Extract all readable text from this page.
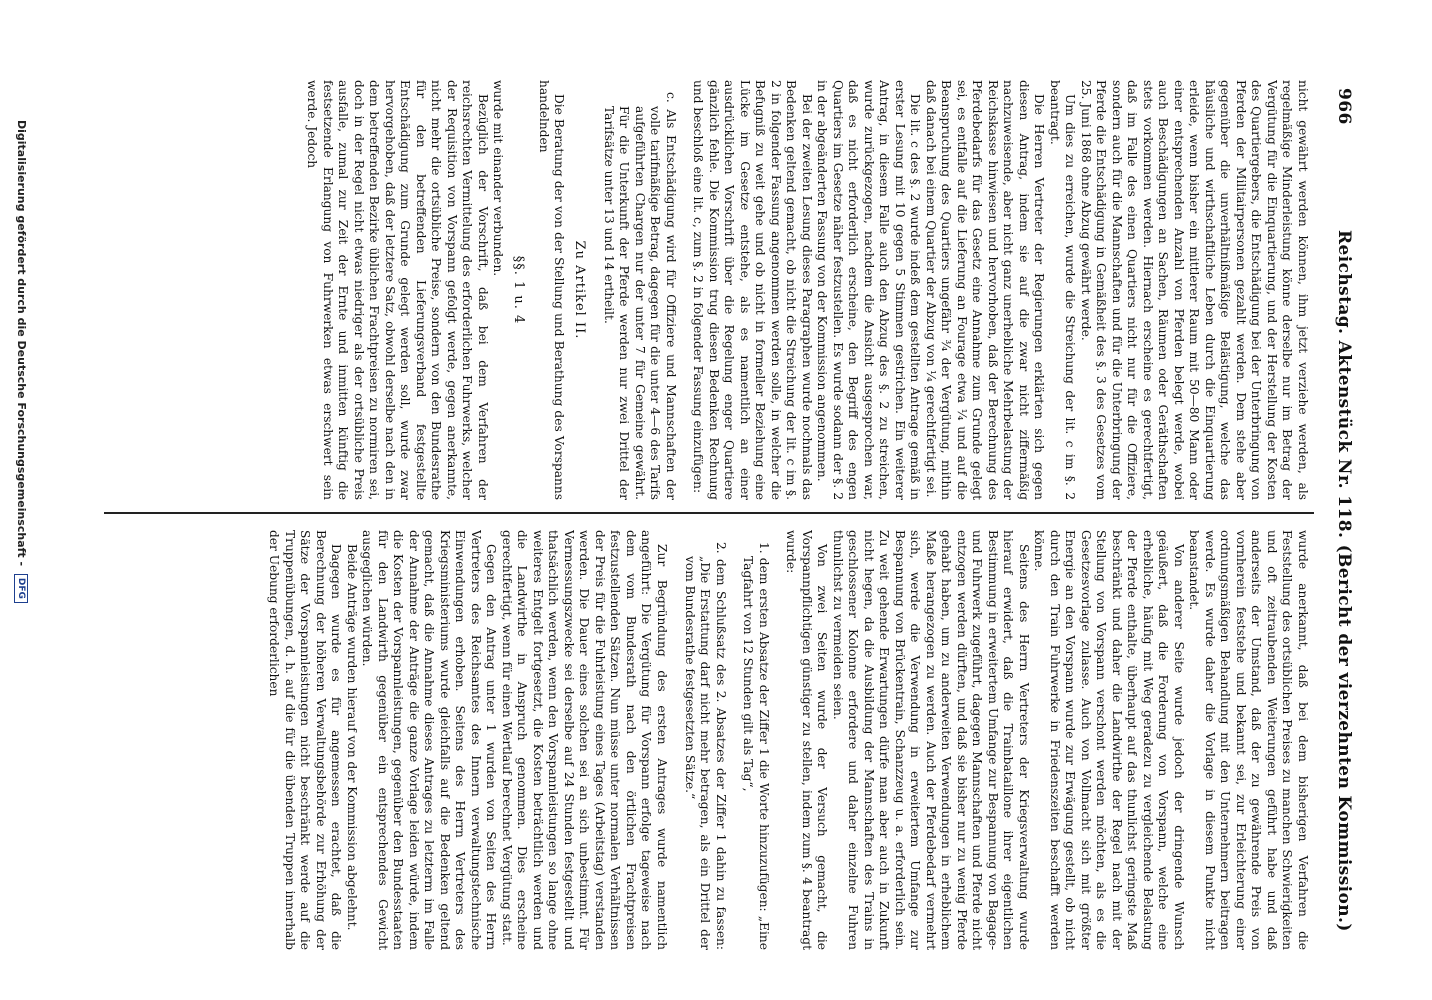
966
Reichstag. Aktenstück Nr. 118. (Bericht der vierzehnten Kommission.)

nicht gewährt werden können, ihm jetzt verziehe werden, als regelmäßige Minderleistung könne derselbe nur im Betrag der Vergütung für die Einquartierung, und der Herstellung der Kosten des Quartiergebers, die Entschädigung bei der Unterbringung von Pferden der Militairpersonen gezahlt werden. Dem stehe aber gegenüber die unverhältnißmäßige Belästigung, welche das häusliche und wirthschaftliche Leben durch die Einquartierung erleide, wenn bisher ein mittlerer Raum mit 50—80 Mann oder einer entsprechenden Anzahl von Pferden belegt werde, wobei auch Beschädigungen an Sachen, Räumen oder Geräthschaften stets vorkommen werden. Hiernach erscheine es gerechtfertigt, daß im Falle des einen Quartiers nicht nur für die Offiziere, sondern auch für die Mannschaften und für die Unterbringung der Pferde die Entschädigung in Gemäßheit des §. 3 des Gesetzes vom 25. Juni 1868 ohne Abzug gewährt werde.

Um dies zu erreichen, wurde die Streichung der lit. c im §. 2 beantragt.

Die Herren Vertreter der Regierungen erklärten sich gegen diesen Antrag, indem sie auf die zwar nicht ziffermäßig nachzuweisende, aber nicht ganz unerhebliche Mehrbelastung der Reichskasse hinwiesen und hervorhoben, daß der Berechnung des Pferdebedarfs für das Gesetz eine Annahme zum Grunde gelegt sei, es entfalle auf die Lieferung an Fourage etwa ¼ und auf die Beanspruchung des Quartiers ungefähr ¾ der Vergütung, mithin daß danach bei einem Quartier der Abzug von ¼ gerechtfertigt sei.

Die lit. c des §. 2 wurde indeß dem gestellten Antrage gemäß in erster Lesung mit 10 gegen 5 Stimmen gestrichen. Ein weiterer Antrag, in diesem Falle auch den Abzug des §. 2 zu streichen, wurde zurückgezogen, nachdem die Ansicht ausgesprochen war, daß es nicht erforderlich erscheine, den Begriff des engen Quartiers im Gesetze näher festzustellen. Es wurde sodann der §. 2 in der abgeänderten Fassung von der Kommission angenommen.

Bei der zweiten Lesung dieses Paragraphen wurde nochmals das Bedenken geltend gemacht, ob nicht die Streichung der lit. c im §. 2 in folgender Fassung angenommen werden solle, in welcher die Befugniß zu weit gehe und ob nicht in formeller Beziehung eine Lücke im Gesetze entstehe, als es namentlich an einer ausdrücklichen Vorschrift über die Regelung enger Quartiere gänzlich fehle. Die Kommission trug diesen Bedenken Rechnung und beschloß eine lit. c, zum §. 2 in folgender Fassung einzufügen:

c. Als Entschädigung wird für Offiziere und Mannschaften der volle tarifmäßige Betrag, dagegen für die unter 4—6 des Tarifs aufgeführten Chargen nur der unter 7 für Gemeine gewährt. Für die Unterkunft der Pferde werden nur zwei Drittel der Tarifsätze unter 13 und 14 ertheilt.

Zu Artikel II.

Die Beratung der von der Stellung und Berathung des Vorspanns handelnden

§§. 1 u. 4

wurde mit einander verbunden.

Bezüglich der Vorschrift, daß bei dem Verfahren der reichsrechten Vermittelung des erforderlichen Fuhrwerks, welcher der Requisition von Vorspann gefolgt werde, gegen anerkannte, nicht mehr die ortsübliche Preise, sondern von den Bundesrathe für den betreffenden Lieferungsverband festgestellte Entschädigung zum Grunde gelegt werden soll, wurde zwar hervorgehoben, daß der letztere Satz, obwohl derselbe nach den in dem betreffenden Bezirke üblichen Frachtpreisen zu normiren sei, doch in der Regel nicht etwas niedriger als der ortsübliche Preis ausfalle, zumal zur Zeit der Ernte und inmitten künftig die festsetzende Erlangung von Fuhrwerken etwas erschwert sein werde. Jedoch

wurde anerkannt, daß bei dem bisherigen Verfahren die Feststellung des ortsüblichen Preises zu manchen Schwierigkeiten und oft zeitraubenden Weiterungen geführt habe und daß anderseits der Umstand, daß der zu gewährende Preis von vornherein feststehe und bekannt sei, zur Erleichterung einer ordnungsmäßigen Behandlung mit den Unternehmern beitragen werde. Es wurde daher die Vorlage in diesem Punkte nicht beanstandet.

Von anderer Seite wurde jedoch der dringende Wunsch geäußert, daß die Forderung von Vorspann, welche eine erhebliche, häufig mit Weg geradezu zu vergleichende Belastung der Pferde enthalte, überhaupt auf das thunlichst geringste Maß beschränkt und daher die Landwirthe der Regel nach mit der Stellung von Vorspann verschont werden möchten, als es die Gesetzesvorlage zulasse. Auch von Vollmacht sich mit größter Energie an den Vorspann wurde zur Erwägung gestellt, ob nicht durch den Train Fuhrwerke in Friedenszeiten beschafft werden könne.

Seitens des Herrn Vertreters der Kriegsverwaltung wurde hierauf erwidert, daß die Trainbataillone ihrer eigentlichen Bestimmung in erweitertem Umfange zur Bespannung von Bagage- und Fuhrwerk zugeführt, dagegen Mannschaften und Pferde nicht entzogen werden dürften, und daß sie bisher nur zu wenig Pferde gehabt haben, um zu anderweiten Verwendungen in erheblichem Maße herangezogen zu werden. Auch der Pferdebedarf vermehrt sich, werde die Verwendung in erweitertem Umfange zur Bespannung von Brückentrain, Schanzzeug u. a. erforderlich sein. Zu weit gehende Erwartungen dürfe man aber auch in Zukunft nicht hegen, da die Ausbildung der Mannschaften des Trains in geschlossener Kolonne erfordere und daher einzelne Fuhren thunlichst zu vermeiden seien.

Von zwei Seiten wurde der Versuch gemacht, die Vorspannpflichtigen günstiger zu stellen, indem zum §. 4 beantragt wurde:

1. dem ersten Absatze der Ziffer 1 die Worte hinzuzufügen: „Eine Tagfahrt von 12 Stunden gilt als Tag“,

2. dem Schlußsatz des 2. Absatzes der Ziffer 1 dahin zu fassen: „Die Erstattung darf nicht mehr betragen, als ein Drittel der vom Bundesrathe festgesetzten Sätze.“

Zur Begründung des ersten Antrages wurde namentlich angeführt: Die Vergütung für Vorspann erfolge tageweise nach dem vom Bundesrath nach den örtlichen Frachtpreisen festzustellenden Sätzen. Nun müsse unter normalen Verhältnissen der Preis für die Fuhrleistung eines Tages (Arbeitstag) verstanden werden. Die Dauer eines solchen sei an sich unbestimmt. Für Vermessungszwecke sei derselbe auf 24 Stunden festgestellt und thatsächlich werden, wenn den Vorspannleistungen so lange ohne weiteres Entgelt fortgesetzt, die Kosten beträchtlich werden und die Landwirthe in Anspruch genommen. Dies erscheine gerechtfertigt, wenn für einen Wertlauf berechnet Vergütung statt.

Gegen den Antrag unter 1 wurden von Seiten des Herrn Vertreters des Reichsamtes des Innern verwaltungstechnische Einwendungen erhoben. Seitens des Herrn Vertreters des Kriegsministeriums wurde gleichfalls auf die Bedenken geltend gemacht, daß die Annahme dieses Antrages zu letzterm im Falle der Annahme der Anträge die ganze Vorlage leiden würde, indem die Kosten der Vorspannleistungen, gegenüber den Bundesstaaten für den Landwirth gegenüber ein entsprechendes Gewicht ausgeglichen würden.

Beide Anträge wurden hierauf von der Kommission abgelehnt.

Dagegen wurde es für angemessen erachtet, daß die Berechnung der höheren Verwaltungsbehörde zur Erhöhung der Sätze der Vorspannleistungen nicht beschränkt werde auf die Truppenübungen, d. h. auf die für die übenden Truppen innerhalb der Uebung erforderlichen

Digitalisierung gefördert durch die Deutsche Forschungsgemeinschaft - DFG
